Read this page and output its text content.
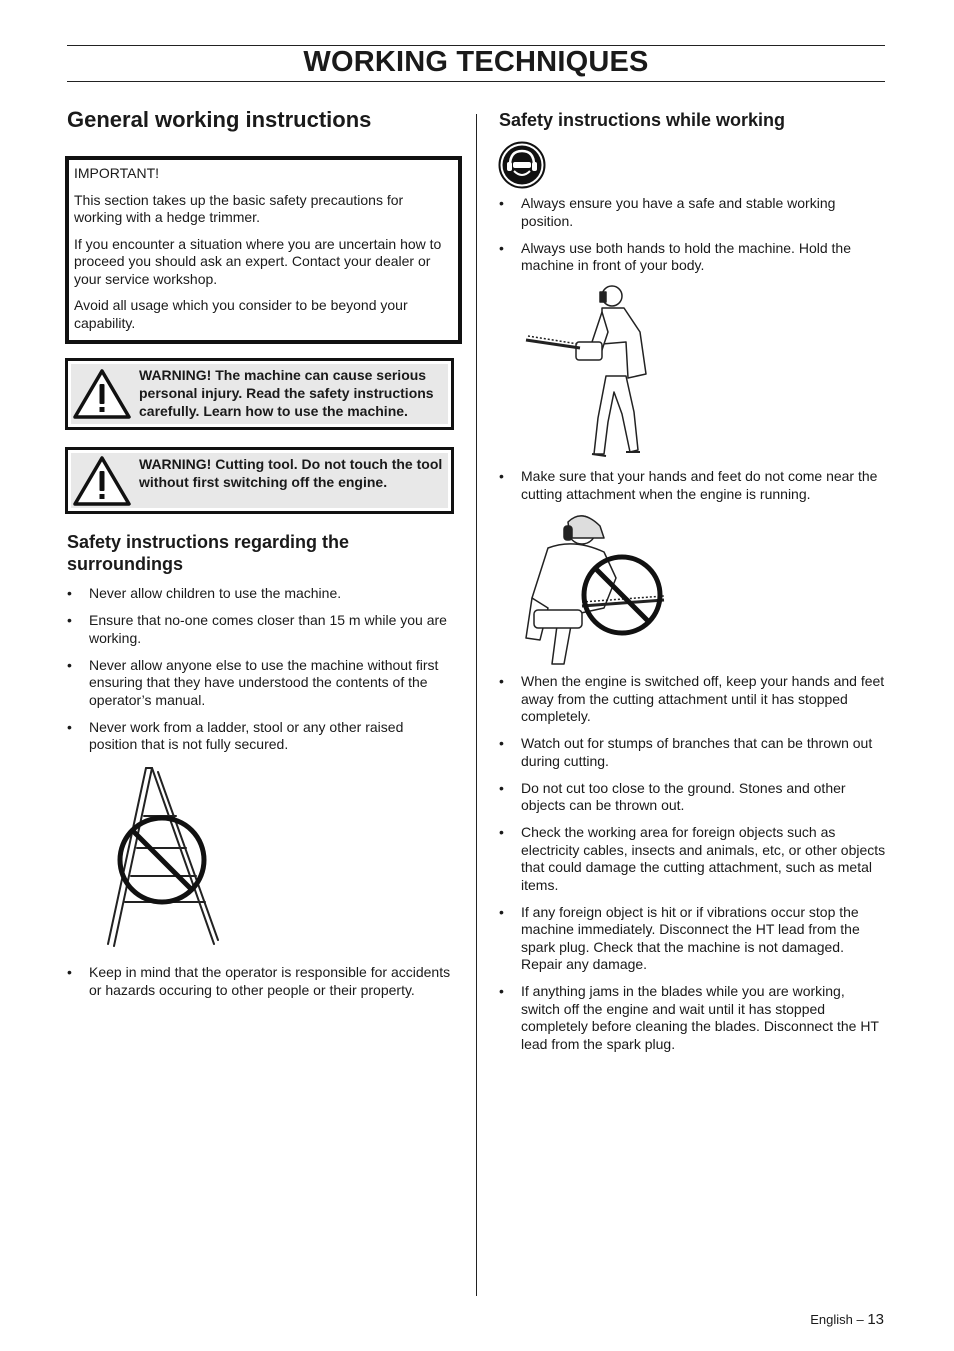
WORKING TECHNIQUES
General working instructions

IMPORTANT!

This section takes up the basic safety precautions for working with a hedge trimmer.

If you encounter a situation where you are uncertain how to proceed you should ask an expert. Contact your dealer or your service workshop.

Avoid all usage which you consider to be beyond your capability.

WARNING! The machine can cause serious personal injury. Read the safety instructions carefully. Learn how to use the machine.
WARNING! Cutting tool. Do not touch the tool without first switching off the engine.
Safety instructions regarding the surroundings
• Never allow children to use the machine.
• Ensure that no-one comes closer than 15 m while you are working.
• Never allow anyone else to use the machine without first ensuring that they have understood the contents of the operator’s manual.
• Never work from a ladder, stool or any other raised position that is not fully secured.
• Keep in mind that the operator is responsible for accidents or hazards occuring to other people or their property.
Safety instructions while working
• Always ensure you have a safe and stable working position.
• Always use both hands to hold the machine. Hold the machine in front of your body.
• Make sure that your hands and feet do not come near the cutting attachment when the engine is running.
• When the engine is switched off, keep your hands and feet away from the cutting attachment until it has stopped completely.
• Watch out for stumps of branches that can be thrown out during cutting.
• Do not cut too close to the ground. Stones and other objects can be thrown out.
• Check the working area for foreign objects such as electricity cables, insects and animals, etc, or other objects that could damage the cutting attachment, such as metal items.
• If any foreign object is hit or if vibrations occur stop the machine immediately. Disconnect the HT lead from the spark plug. Check that the machine is not damaged. Repair any damage.
• If anything jams in the blades while you are working, switch off the engine and wait until it has stopped completely before cleaning the blades. Disconnect the HT lead from the spark plug.
English – 13
